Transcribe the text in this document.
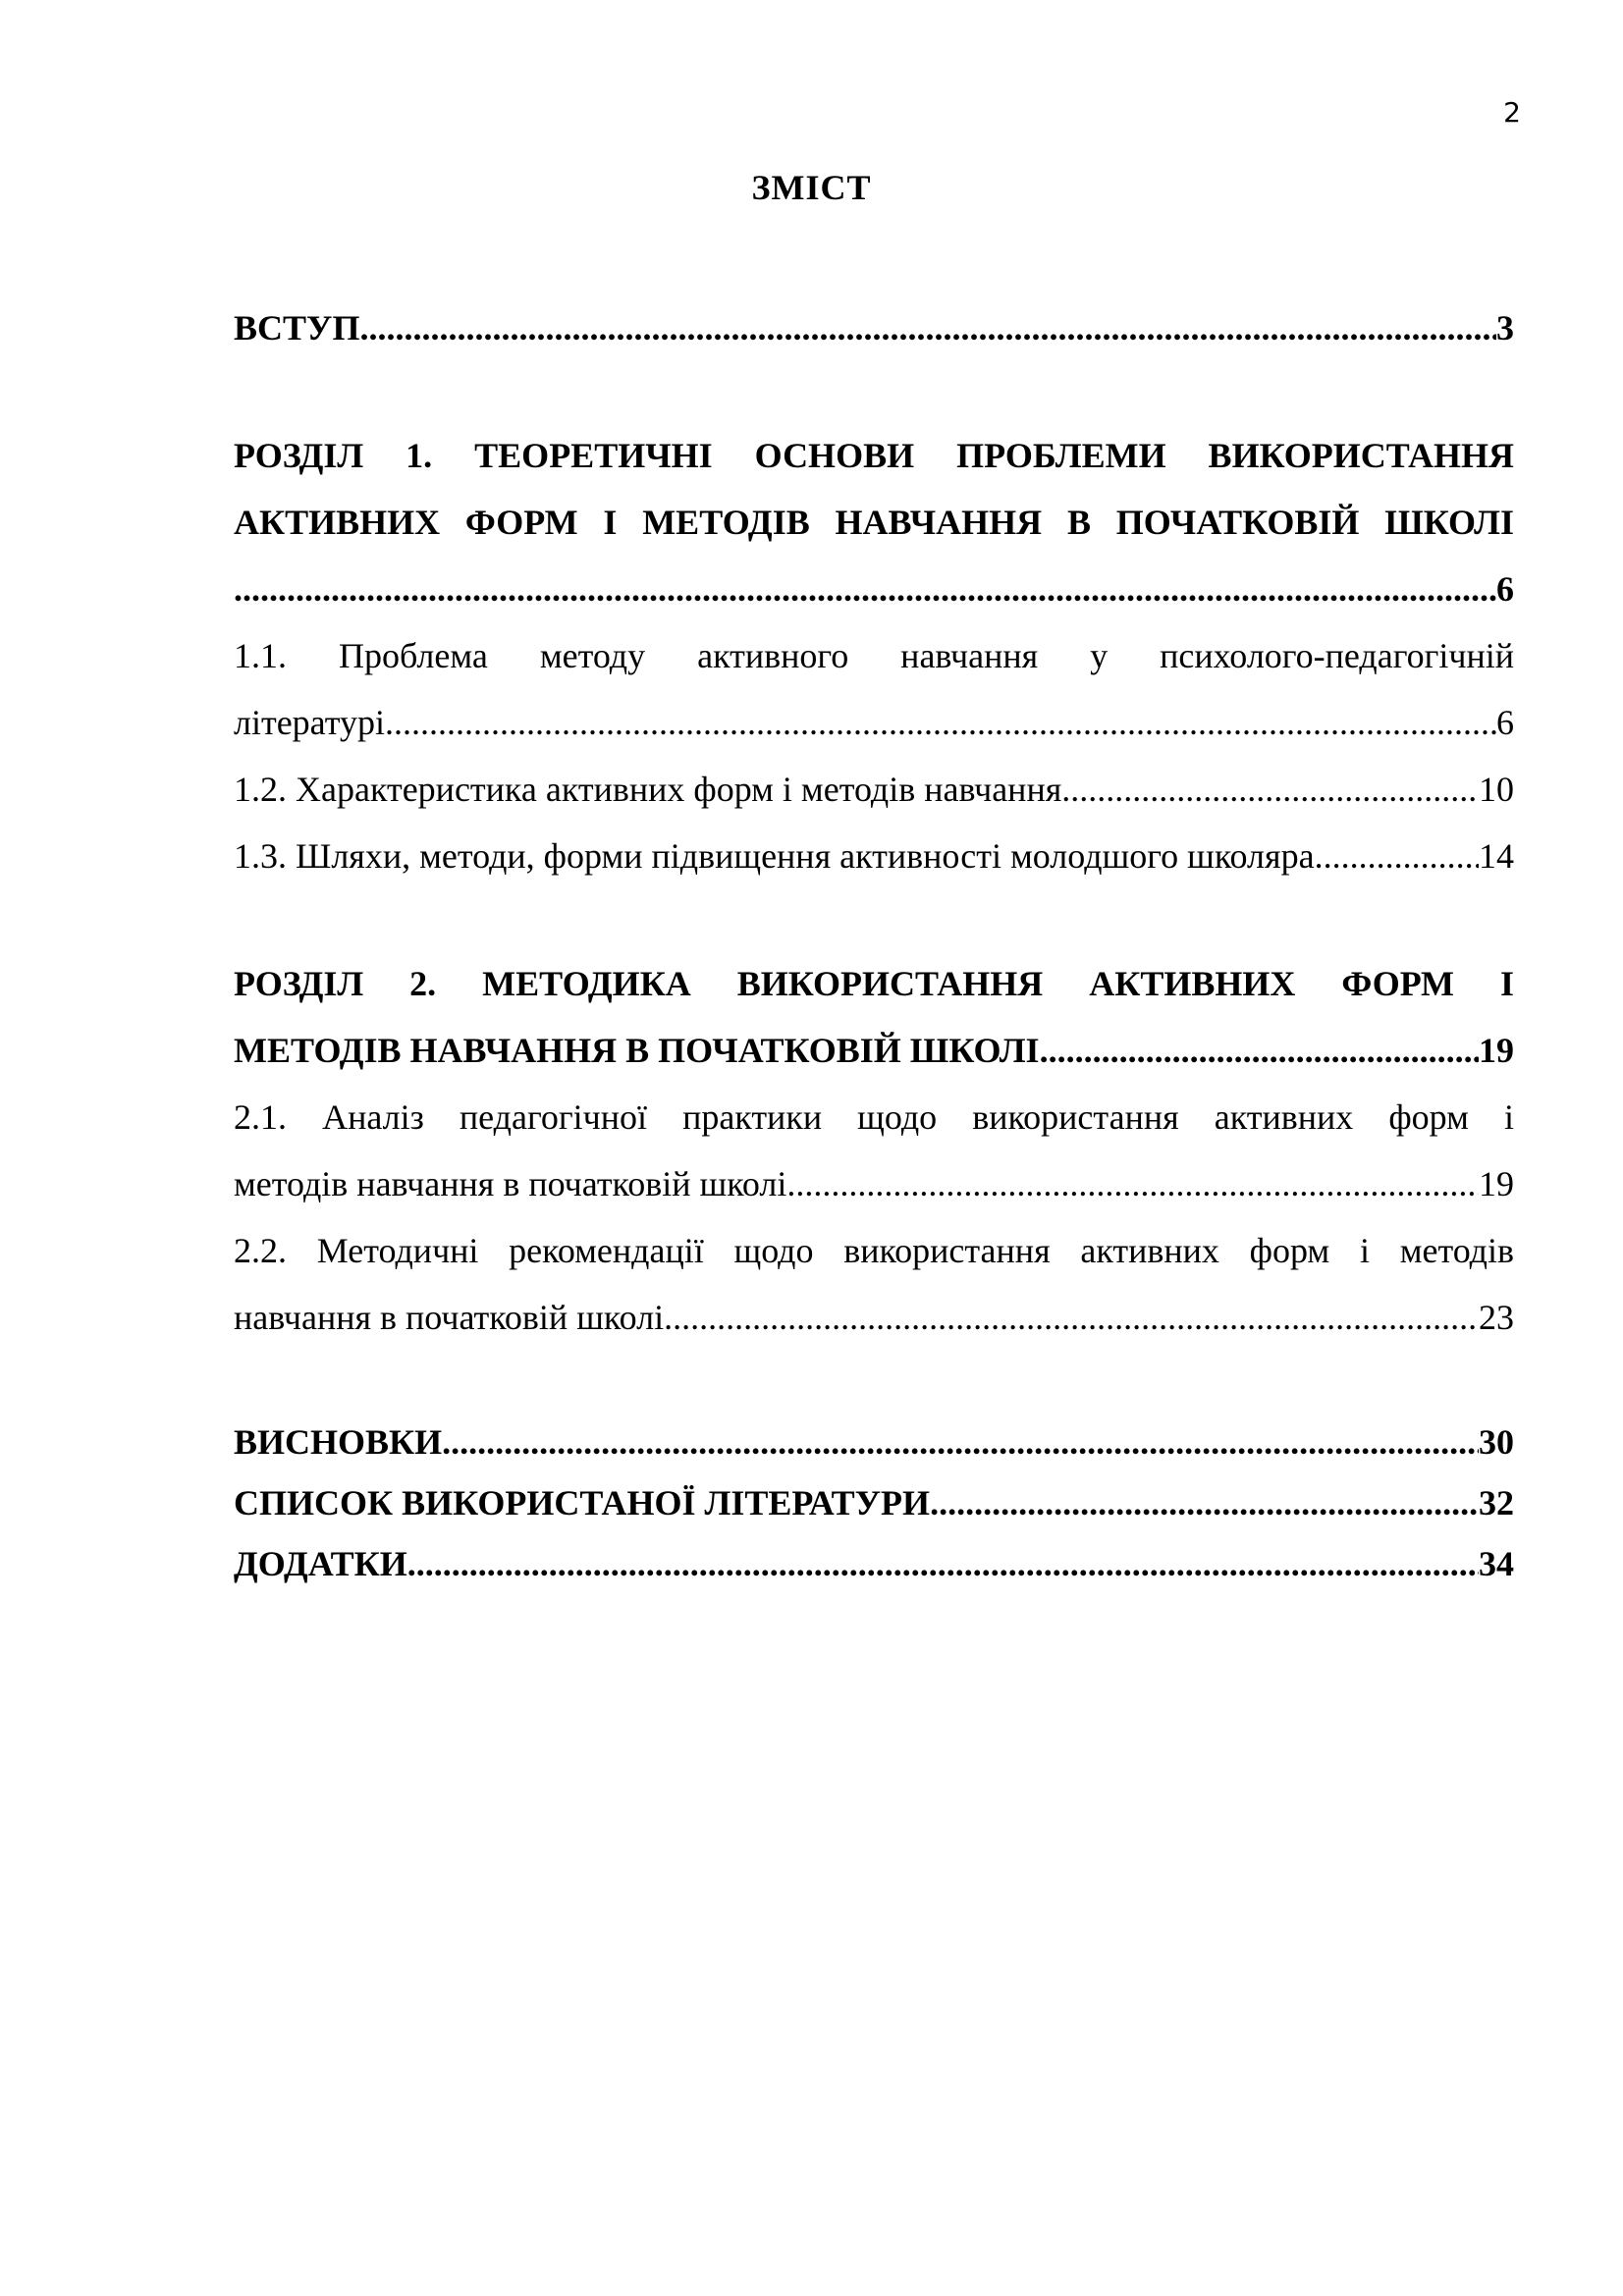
2
ЗМІСТ
ВСТУП .....	3
РОЗДІЛ 1. ТЕОРЕТИЧНІ ОСНОВИ ПРОБЛЕМИ ВИКОРИСТАННЯ
АКТИВНИХ ФОРМ І МЕТОДІВ НАВЧАННЯ В ПОЧАТКОВІЙ ШКОЛІ
.....
6
1.1. Проблема методу активного навчання у психолого-педагогічній
літературі .....	6
1.2. Характеристика активних форм і методів навчання .....	10
1.3. Шляхи, методи, форми підвищення активності молодшого школяра .....	14
РОЗДІЛ 2. МЕТОДИКА ВИКОРИСТАННЯ АКТИВНИХ ФОРМ І
МЕТОДІВ НАВЧАННЯ В ПОЧАТКОВІЙ ШКОЛІ .....	19
2.1. Аналіз педагогічної практики щодо використання активних форм і
методів навчання в початковій школі .....	19
2.2. Методичні рекомендації щодо використання активних форм і методів
навчання в початковій школі .....	23
ВИСНОВКИ .....	30
СПИСОК ВИКОРИСТАНОЇ ЛІТЕРАТУРИ .....	32
ДОДАТКИ .....	34
